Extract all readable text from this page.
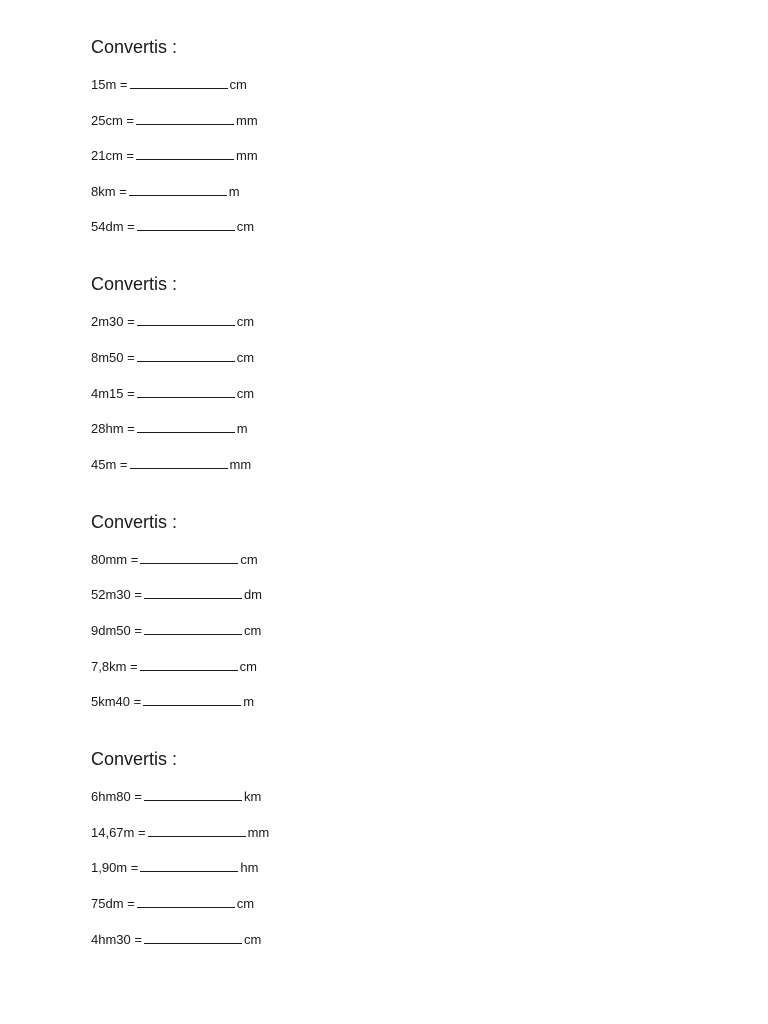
Convertis :
15m =	cm
25cm =	mm
21cm =	mm
8km =	m
54dm =	cm
Convertis :
2m30 =	cm
8m50 =	cm
4m15 =	cm
28hm =	m
45m =	mm
Convertis :
80mm =	cm
52m30 =	dm
9dm50 =	cm
7,8km =	cm
5km40 =	m
Convertis :
6hm80 =	km
14,67m =	mm
1,90m =	hm
75dm =	cm
4hm30 =	cm
